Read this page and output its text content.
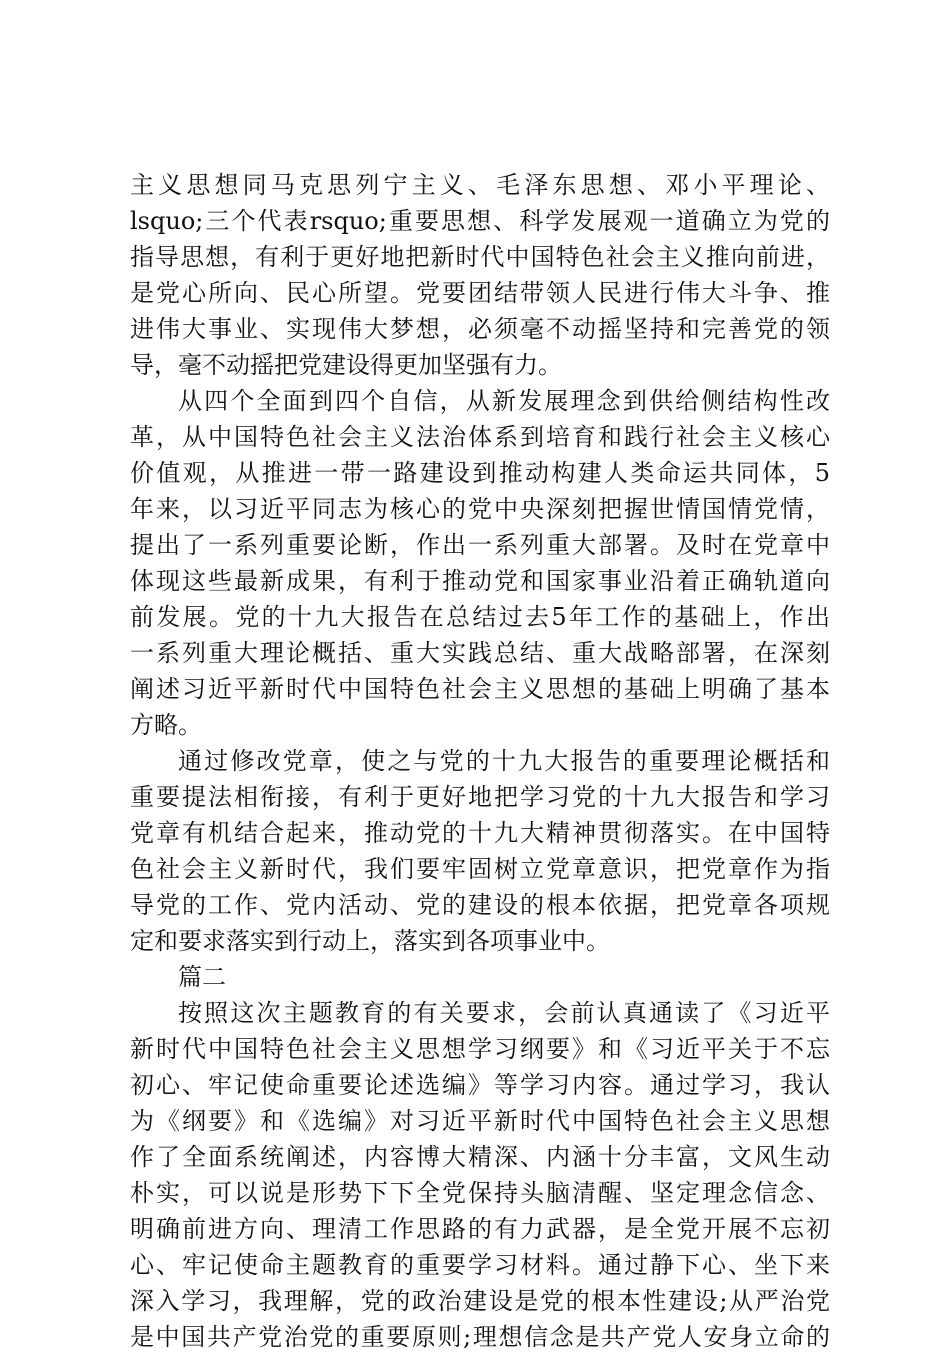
主义思想同马克思列宁主义、毛泽东思想、邓小平理论、
lsquo;三个代表rsquo;重要思想、科学发展观一道确立为党的
指导思想，有利于更好地把新时代中国特色社会主义推向前进，
是党心所向、民心所望。党要团结带领人民进行伟大斗争、推
进伟大事业、实现伟大梦想，必须毫不动摇坚持和完善党的领
导，毫不动摇把党建设得更加坚强有力。
从四个全面到四个自信，从新发展理念到供给侧结构性改
革，从中国特色社会主义法治体系到培育和践行社会主义核心
价值观，从推进一带一路建设到推动构建人类命运共同体，5
年来，以习近平同志为核心的党中央深刻把握世情国情党情，
提出了一系列重要论断，作出一系列重大部署。及时在党章中
体现这些最新成果，有利于推动党和国家事业沿着正确轨道向
前发展。党的十九大报告在总结过去5年工作的基础上，作出
一系列重大理论概括、重大实践总结、重大战略部署，在深刻
阐述习近平新时代中国特色社会主义思想的基础上明确了基本
方略。
通过修改党章，使之与党的十九大报告的重要理论概括和
重要提法相衔接，有利于更好地把学习党的十九大报告和学习
党章有机结合起来，推动党的十九大精神贯彻落实。在中国特
色社会主义新时代，我们要牢固树立党章意识，把党章作为指
导党的工作、党内活动、党的建设的根本依据，把党章各项规
定和要求落实到行动上，落实到各项事业中。
篇二
按照这次主题教育的有关要求，会前认真通读了《习近平
新时代中国特色社会主义思想学习纲要》和《习近平关于不忘
初心、牢记使命重要论述选编》等学习内容。通过学习，我认
为《纲要》和《选编》对习近平新时代中国特色社会主义思想
作了全面系统阐述，内容博大精深、内涵十分丰富，文风生动
朴实，可以说是形势下下全党保持头脑清醒、坚定理念信念、
明确前进方向、理清工作思路的有力武器，是全党开展不忘初
心、牢记使命主题教育的重要学习材料。通过静下心、坐下来
深入学习，我理解，党的政治建设是党的根本性建设;从严治党
是中国共产党治党的重要原则;理想信念是共产党人安身立命的
